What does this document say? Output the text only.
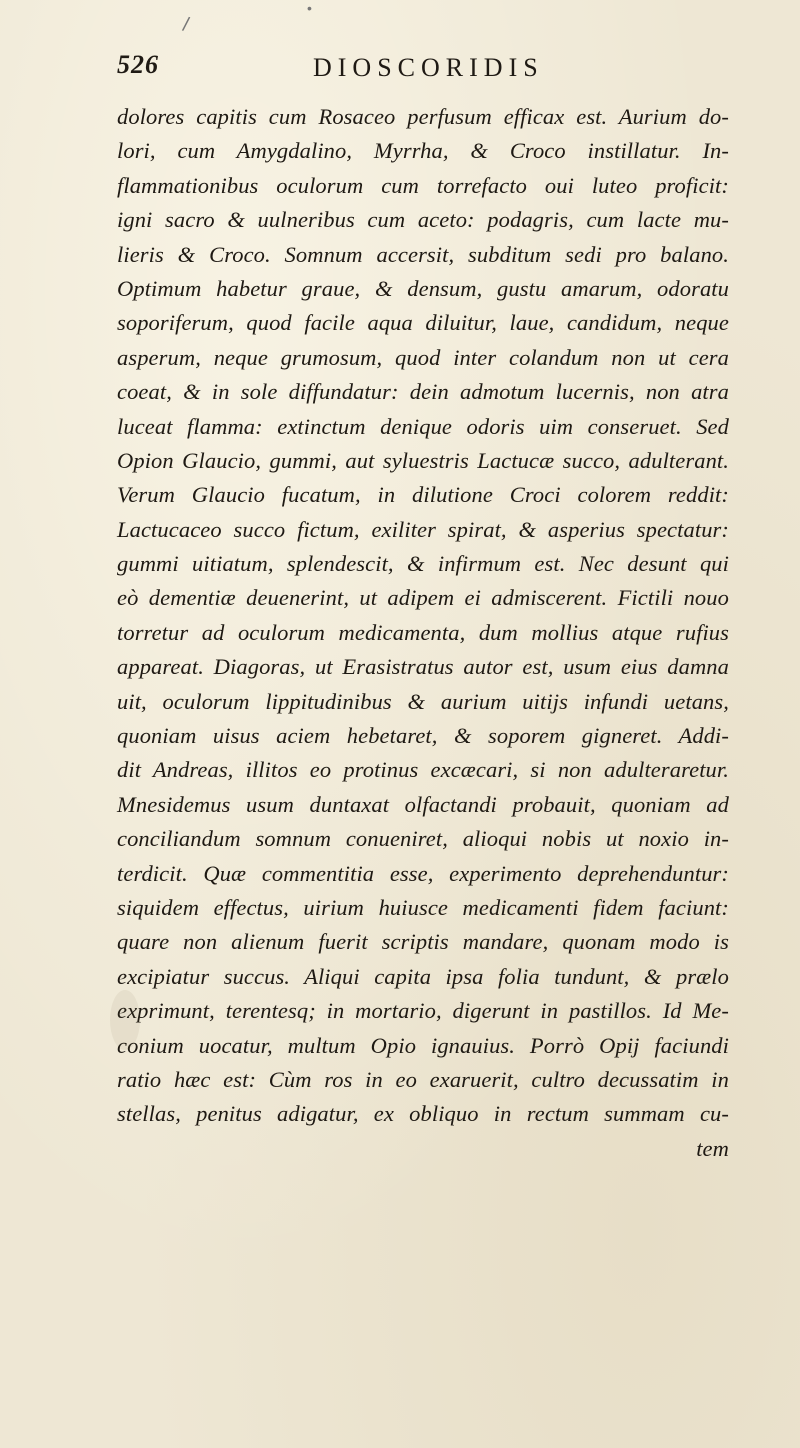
/
•
526	DIOSCORIDIS
dolores capitis cum Rosaceo perfusum efficax est. Aurium do-
lori, cum Amygdalino, Myrrha, & Croco instillatur. In-
flammationibus oculorum cum torrefacto oui luteo proficit:
igni sacro & uulneribus cum aceto: podagris, cum lacte mu-
lieris & Croco. Somnum accersit, subditum sedi pro balano.
Optimum habetur graue, & densum, gustu amarum, odoratu
soporiferum, quod facile aqua diluitur, laue, candidum, neque
asperum, neque grumosum, quod inter colandum non ut cera
coeat, & in sole diffundatur: dein admotum lucernis, non atra
luceat flamma: extinctum denique odoris uim conseruet. Sed
Opion Glaucio, gummi, aut syluestris Lactucæ succo, adulterant.
Verum Glaucio fucatum, in dilutione Croci colorem reddit:
Lactucaceo succo fictum, exiliter spirat, & asperius spectatur:
gummi uitiatum, splendescit, & infirmum est. Nec desunt qui
eò dementiæ deuenerint, ut adipem ei admiscerent. Fictili nouo
torretur ad oculorum medicamenta, dum mollius atque rufius
appareat. Diagoras, ut Erasistratus autor est, usum eius damna
uit, oculorum lippitudinibus & aurium uitijs infundi uetans,
quoniam uisus aciem hebetaret, & soporem gigneret. Addi-
dit Andreas, illitos eo protinus excæcari, si non adulteraretur.
Mnesidemus usum duntaxat olfactandi probauit, quoniam ad
conciliandum somnum conueniret, alioqui nobis ut noxio in-
terdicit. Quæ commentitia esse, experimento deprehenduntur:
siquidem effectus, uirium huiusce medicamenti fidem faciunt:
quare non alienum fuerit scriptis mandare, quonam modo is
excipiatur succus. Aliqui capita ipsa folia tundunt, & prælo
exprimunt, terentesq; in mortario, digerunt in pastillos. Id Me-
conium uocatur, multum Opio ignauius. Porrò Opij faciundi
ratio hæc est: Cùm ros in eo exaruerit, cultro decussatim in
stellas, penitus adigatur, ex obliquo in rectum summam cu-
tem
